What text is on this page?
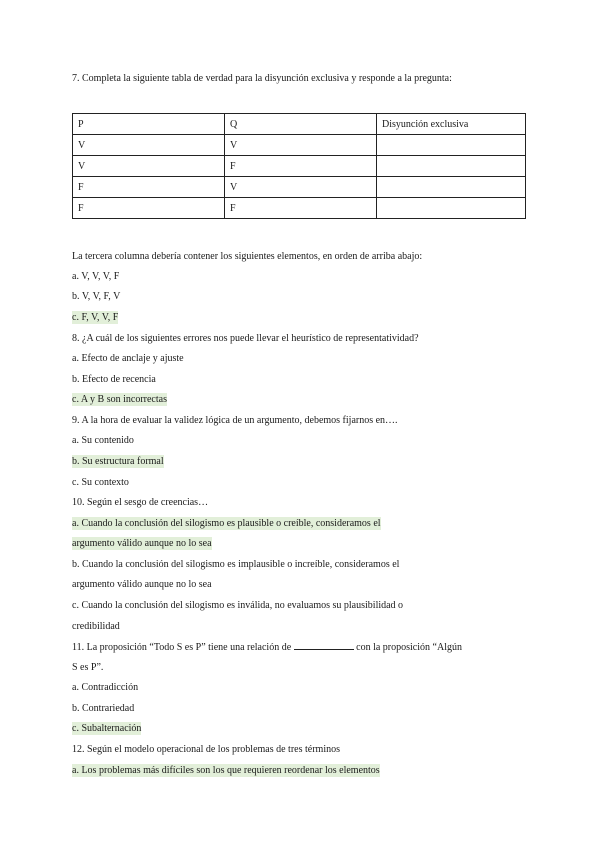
7. Completa la siguiente tabla de verdad para la disyunción exclusiva y responde a la pregunta:
P	Q	Disyunción exclusiva
V	V	
V	F	
F	V	
F	F	
La tercera columna debería contener los siguientes elementos, en orden de arriba abajo:
a. V, V, V, F
b. V, V, F, V
c. F, V, V, F
8. ¿A cuál de los siguientes errores nos puede llevar el heurístico de representatividad?
a. Efecto de anclaje y ajuste
b. Efecto de recencia
c. A y B son incorrectas
9. A la hora de evaluar la validez lógica de un argumento, debemos fijarnos en….
a. Su contenido
b. Su estructura formal
c. Su contexto
10. Según el sesgo de creencias…
a. Cuando la conclusión del silogismo es plausible o creíble, consideramos el
argumento válido aunque no lo sea
b. Cuando la conclusión del silogismo es implausible o increíble, consideramos el
argumento válido aunque no lo sea
c. Cuando la conclusión del silogismo es inválida, no evaluamos su plausibilidad o
credibilidad
11. La proposición “Todo S es P” tiene una relación de	con la proposición “Algún
S es P”.
a. Contradicción
b. Contrariedad
c. Subalternación
12. Según el modelo operacional de los problemas de tres términos
a. Los problemas más difíciles son los que requieren reordenar los elementos
